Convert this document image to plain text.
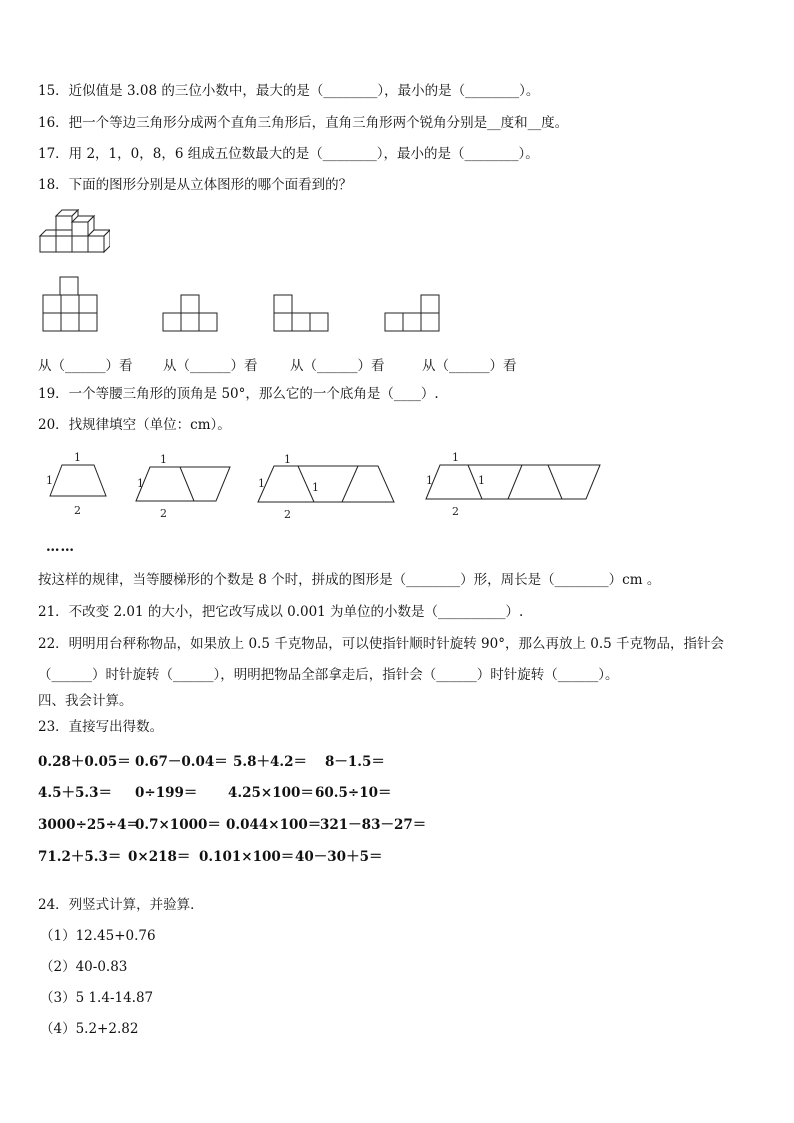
15．近似值是 3.08 的三位小数中，最大的是（________），最小的是（________）。
16．把一个等边三角形分成两个直角三角形后，直角三角形两个锐角分别是__度和__度。
17．用 2，1，0，8，6 组成五位数最大的是（________），最小的是（________）。
18．下面的图形分别是从立体图形的哪个面看到的？
从（______）看 从（______）看 从（______）看	从（______）看
19．一个等腰三角形的顶角是 50°，那么它的一个底角是（____）.
20．找规律填空（单位：cm）。
1
1
2
1
1
2
1
1	1
2
1
1	1
2
……
按这样的规律，当等腰梯形的个数是 8 个时，拼成的图形是（________）形，周长是（________）cm 。
21．不改变 2.01 的大小，把它改写成以 0.001 为单位的小数是（__________）.
22．明明用台秤称物品，如果放上 0.5 千克物品，可以使指针顺时针旋转 90°，那么再放上 0.5 千克物品，指针会
（______）时针旋转（______），明明把物品全部拿走后，指针会（______）时针旋转（______）。
四、我会计算。
23．直接写出得数。
0.28＋0.05＝ 0.67－0.04＝ 5.8＋4.2＝ 8－1.5＝
4.5＋5.3＝ 0÷199＝ 4.25×100＝ 60.5÷10＝
3000÷25÷4＝
0.7×1000＝ 0.044×100＝
321－83－27＝
71.2＋5.3＝ 0×218＝ 0.101×100＝ 40－30＋5＝
24．列竖式计算，并验算．
（1）12.45+0.76
（2）40-0.83
（3）5 1.4-14.87
（4）5.2+2.82
